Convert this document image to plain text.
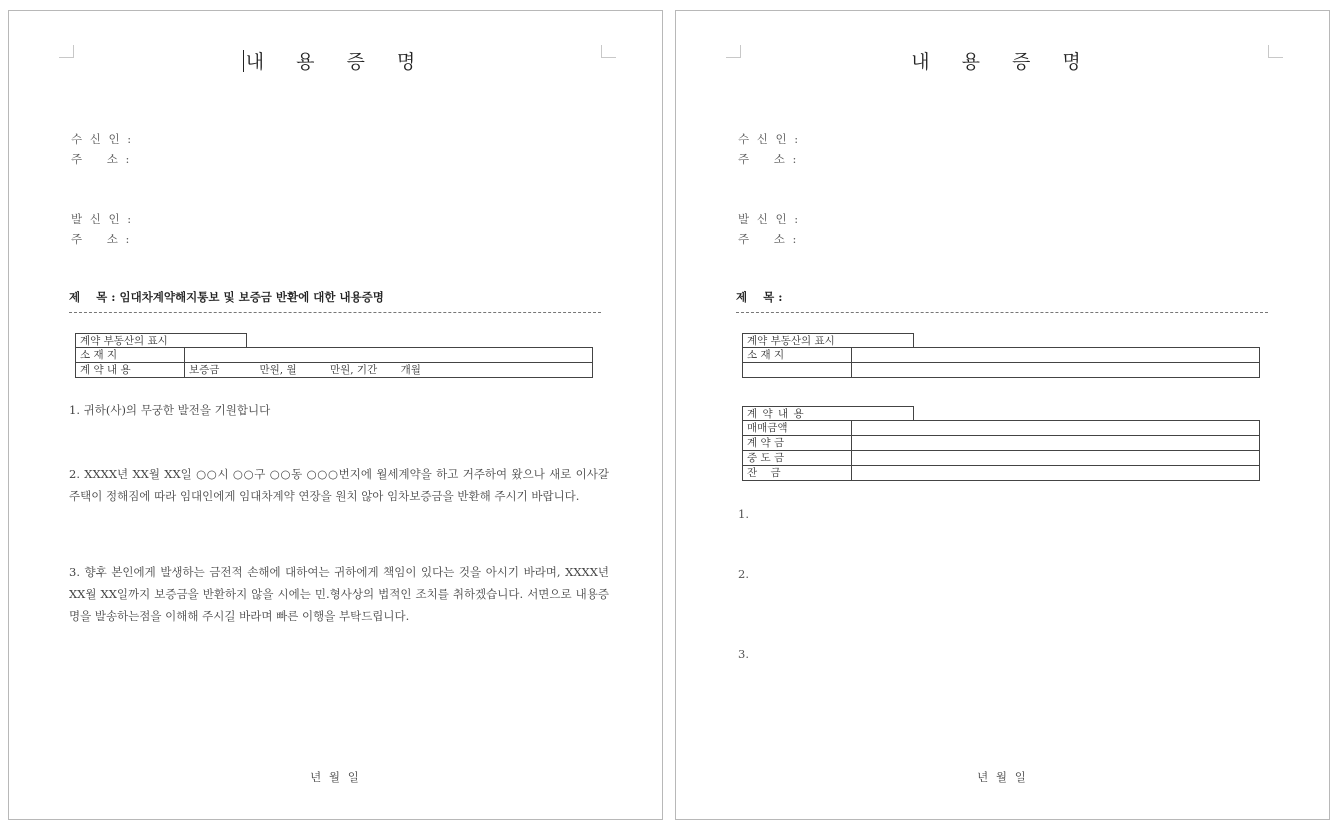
내 용 증 명
수 신 인 :
주    소 :
발 신 인 :
주    소 :
제    목 : 임대차계약해지통보 및 보증금 반환에 대한 내용증명
계약 부동산의 표시
소 재 지	
계 약 내 용	보증금            만원, 월          만원, 기간       개월
1. 귀하(사)의 무궁한 발전을 기원합니다
2. XXXX년 XX월 XX일 ○○시 ○○구 ○○동 ○○○번지에 월세계약을 하고 거주하여 왔으나 새로 이사갈 주택이 정해짐에 따라 임대인에게 임대차계약 연장을 원치 않아 임차보증금을 반환해 주시기 바랍니다.
3. 향후 본인에게 발생하는 금전적 손해에 대하여는 귀하에게 책임이 있다는 것을 아시기 바라며, XXXX년 XX월 XX일까지 보증금을 반환하지 않을 시에는 민.형사상의 법적인 조치를 취하겠습니다. 서면으로 내용증명을 발송하는점을 이해해 주시길 바라며 빠른 이행을 부탁드립니다.
년 월 일
내 용 증 명
수 신 인 :
주    소 :
발 신 인 :
주    소 :
제    목 :
계약 부동산의 표시
소 재 지	

계 약 내 용
매매금액	
계 약 금	
중 도 금	
잔    금	
1.
2.
3.
년 월 일
